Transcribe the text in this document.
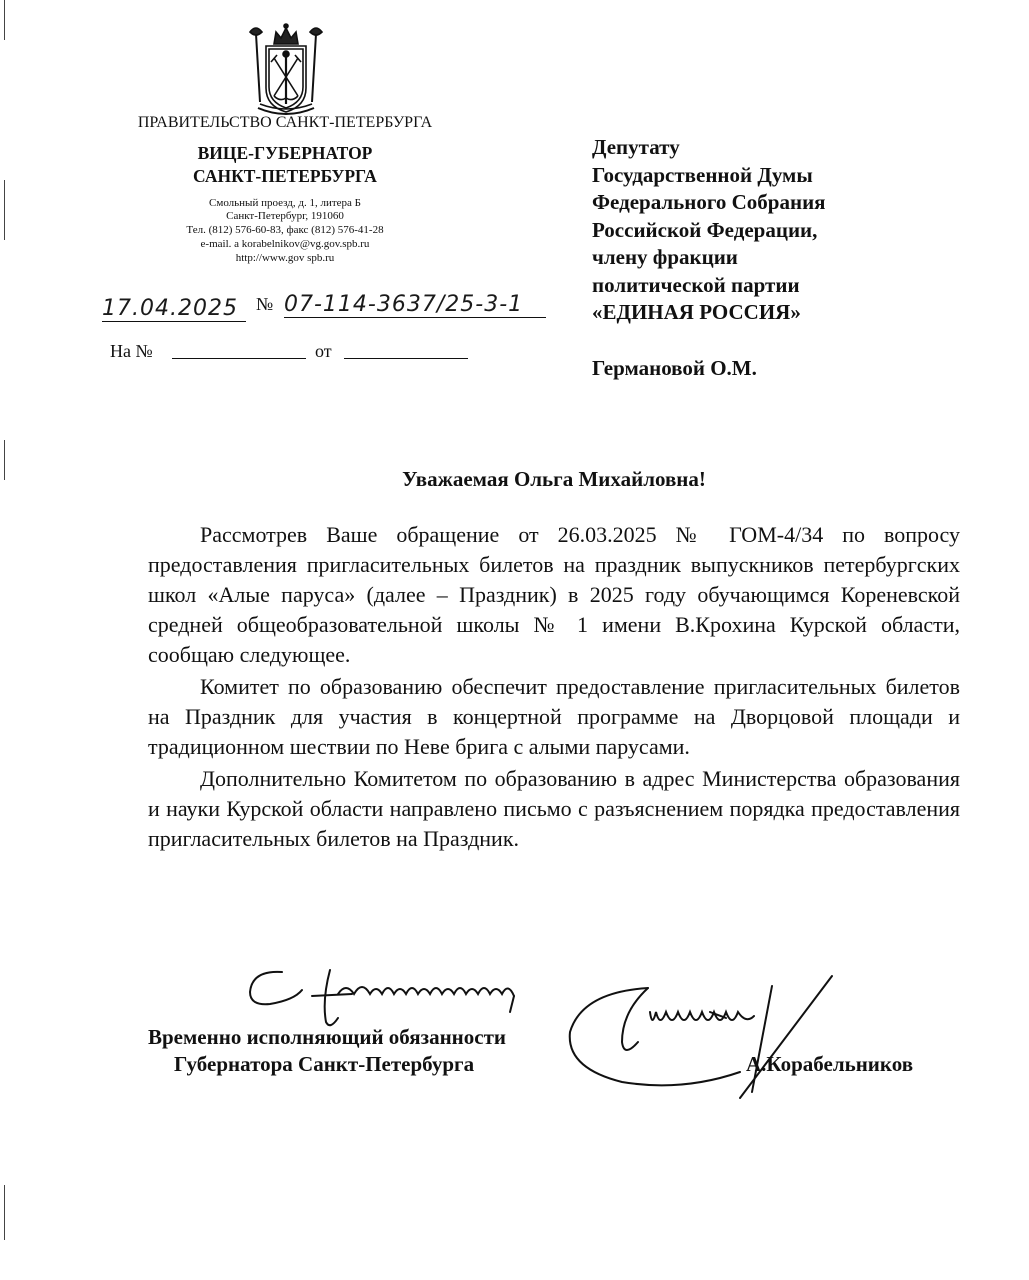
ПРАВИТЕЛЬСТВО САНКТ-ПЕТЕРБУРГА
ВИЦЕ-ГУБЕРНАТОР
САНКТ-ПЕТЕРБУРГА
Смольный проезд, д. 1, литера Б
Санкт-Петербург, 191060
Тел. (812) 576-60-83, факс (812) 576-41-28
e-mail. a korabelnikov@vg.gov.spb.ru
http://www.gov spb.ru
17.04.2025	№ 07-114-3637/25-3-1
На №	от
Депутату
Государственной Думы
Федерального Собрания
Российской Федерации,
члену фракции
политической партии
«ЕДИНАЯ РОССИЯ»
Германовой О.М.
Уважаемая Ольга Михайловна!
Рассмотрев Ваше обращение от 26.03.2025 № ГОМ-4/34 по вопросу предоставления пригласительных билетов на праздник выпускников петербургских школ «Алые паруса» (далее – Праздник) в 2025 году обучающимся Кореневской средней общеобразовательной школы № 1 имени В.Крохина Курской области, сообщаю следующее.
Комитет по образованию обеспечит предоставление пригласительных билетов на Праздник для участия в концертной программе на Дворцовой площади и традиционном шествии по Неве брига с алыми парусами.
Дополнительно Комитетом по образованию в адрес Министерства образования и науки Курской области направлено письмо с разъяснением порядка предоставления пригласительных билетов на Праздник.
Временно исполняющий обязанности
Губернатора Санкт-Петербурга	А.Корабельников
